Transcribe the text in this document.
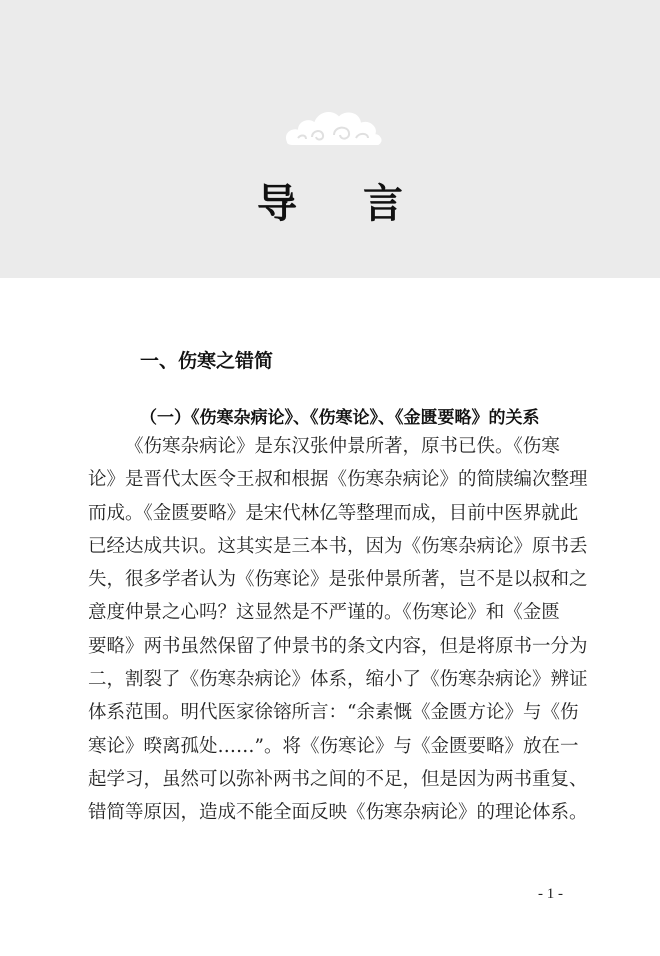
导 言
一、伤寒之错简
（一）《伤寒杂病论》、《伤寒论》、《金匮要略》的关系
《伤寒杂病论》是东汉张仲景所著，原书已佚。《伤寒
论》是晋代太医令王叔和根据《伤寒杂病论》的简牍编次整理
而成。《金匮要略》是宋代林亿等整理而成，目前中医界就此
已经达成共识。这其实是三本书，因为《伤寒杂病论》原书丢
失，很多学者认为《伤寒论》是张仲景所著，岂不是以叔和之
意度仲景之心吗？这显然是不严谨的。《伤寒论》和《金匮
要略》两书虽然保留了仲景书的条文内容，但是将原书一分为
二，割裂了《伤寒杂病论》体系，缩小了《伤寒杂病论》辨证
体系范围。明代医家徐镕所言：“余素慨《金匮方论》与《伤
寒论》暌离孤处……”。将《伤寒论》与《金匮要略》放在一
起学习，虽然可以弥补两书之间的不足，但是因为两书重复、
错简等原因，造成不能全面反映《伤寒杂病论》的理论体系。
- 1 -
